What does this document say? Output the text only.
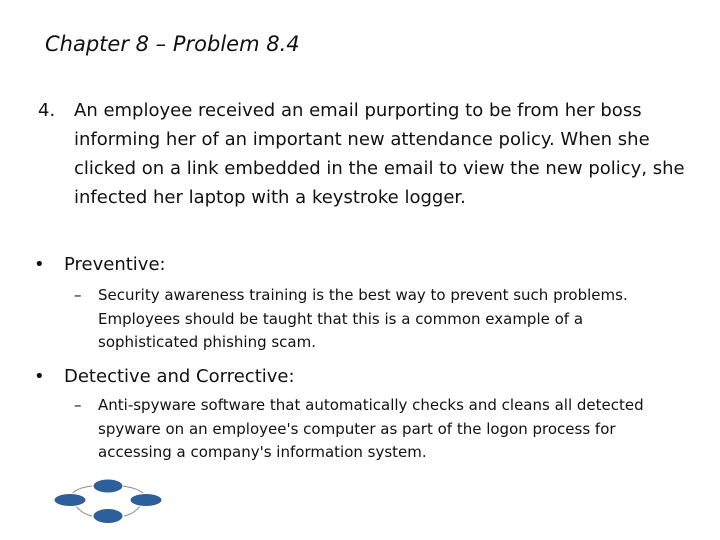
Chapter 8 – Problem 8.4
4. An employee received an email purporting to be from her boss informing her of an important new attendance policy. When she clicked on a link embedded in the email to view the new policy, she infected her laptop with a keystroke logger.
• Preventive:
– Security awareness training is the best way to prevent such problems. Employees should be taught that this is a common example of a sophisticated phishing scam.
• Detective and Corrective:
– Anti-spyware software that automatically checks and cleans all detected spyware on an employee's computer as part of the logon process for accessing a company's information system.
